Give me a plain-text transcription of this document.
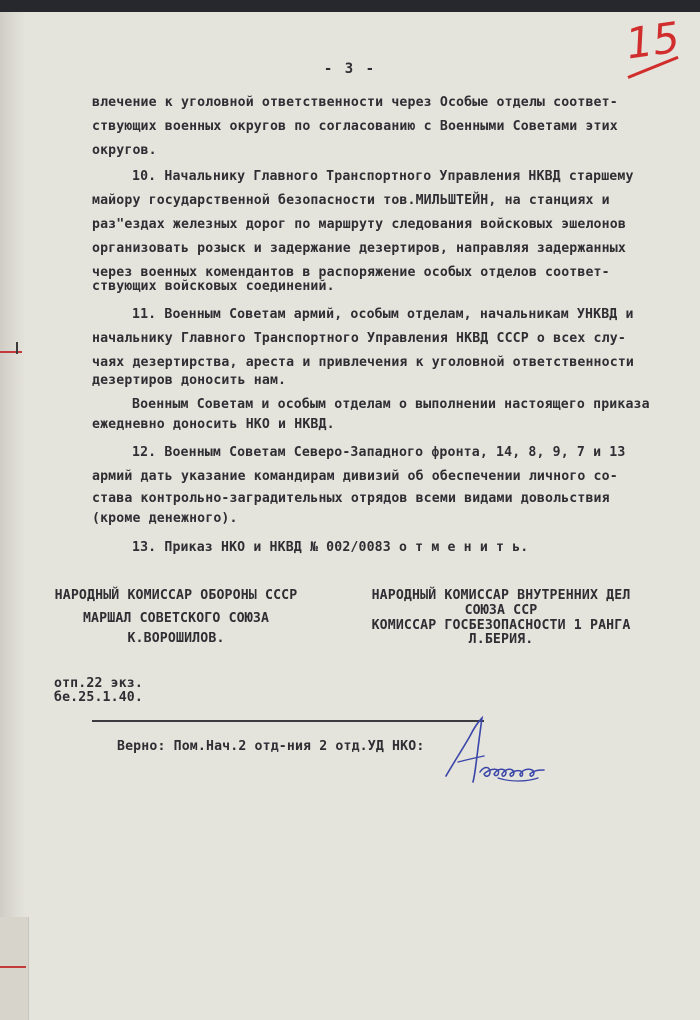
15
- 3 -
влечение к уголовной ответственности через Особые отделы соответ-
ствующих военных округов по согласованию с Военными Советами этих
округов.
10. Начальнику Главного Транспортного Управления НКВД старшему
майору государственной безопасности тов.МИЛЬШТЕЙН, на станциях и
раз"ездах железных дорог по маршруту следования войсковых эшелонов
организовать розыск и задержание дезертиров, направляя задержанных
через военных комендантов в распоряжение особых отделов соответ-
ствующих войсковых соединений.
11. Военным Советам армий, особым отделам, начальникам УНКВД и
начальнику Главного Транспортного Управления НКВД СССР о всех слу-
чаях дезертирства, ареста и привлечения к уголовной ответственности
дезертиров доносить нам.
Военным Советам и особым отделам о выполнении настоящего приказа
ежедневно доносить НКО и НКВД.
12. Военным Советам Северо-Западного фронта, 14, 8, 9, 7 и 13
армий дать указание командирам дивизий об обеспечении личного со-
става контрольно-заградительных отрядов всеми видами довольствия
(кроме денежного).
13. Приказ НКО и НКВД № 002/0083 о т м е н и т ь.
НАРОДНЫЙ КОМИССАР ОБОРОНЫ СССР
МАРШАЛ СОВЕТСКОГО СОЮЗА
К.ВОРОШИЛОВ.
НАРОДНЫЙ КОМИССАР ВНУТРЕННИХ ДЕЛ
СОЮЗА ССР
КОМИССАР ГОСБЕЗОПАСНОСТИ 1 РАНГА
Л.БЕРИЯ.
отп.22 экз.
бе.25.1.40.
Верно: Пом.Нач.2 отд-ния 2 отд.УД НКО:
